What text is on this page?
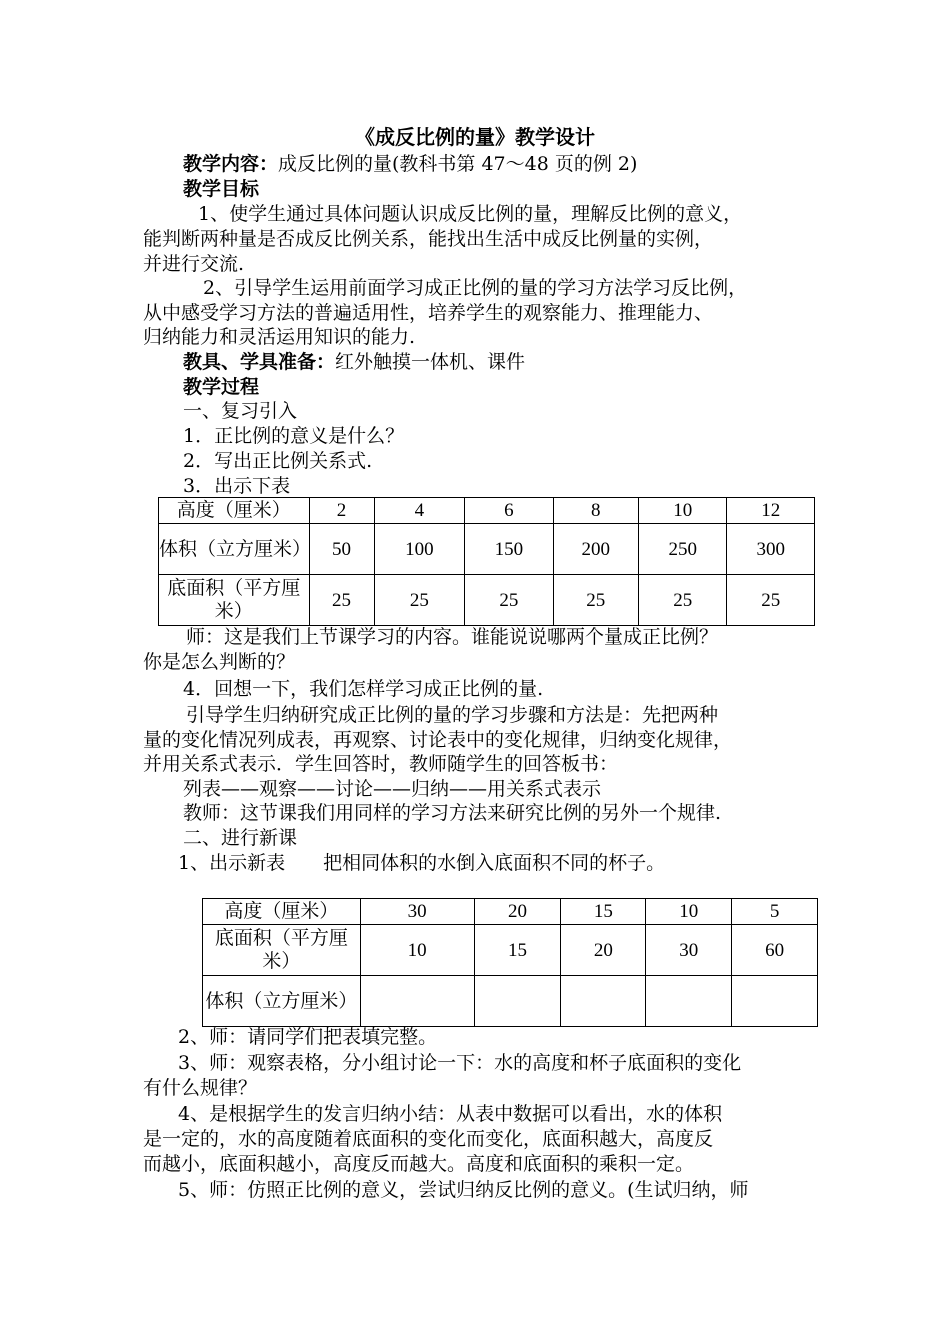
《成反比例的量》教学设计
教学内容：成反比例的量(教科书第 47～48 页的例 2)
教学目标
1、使学生通过具体问题认识成反比例的量，理解反比例的意义，
能判断两种量是否成反比例关系，能找出生活中成反比例量的实例，
并进行交流.
2、引导学生运用前面学习成正比例的量的学习方法学习反比例，
从中感受学习方法的普遍适用性，培养学生的观察能力、推理能力、
归纳能力和灵活运用知识的能力.
教具、学具准备：红外触摸一体机、课件
教学过程
一、复习引入
1．正比例的意义是什么？
2．写出正比例关系式.
3．出示下表
高度（厘米）	2	4	6	8	10	12
体积（立方厘米）	50	100	150	200	250	300
底面积（平方厘米）	25	25	25	25	25	25
师：这是我们上节课学习的内容。谁能说说哪两个量成正比例？
你是怎么判断的？
4．回想一下，我们怎样学习成正比例的量.
引导学生归纳研究成正比例的量的学习步骤和方法是：先把两种
量的变化情况列成表，再观察、讨论表中的变化规律，归纳变化规律，
并用关系式表示．学生回答时，教师随学生的回答板书：
列表——观察——讨论——归纳——用关系式表示
教师：这节课我们用同样的学习方法来研究比例的另外一个规律.
二、进行新课
1、出示新表　　把相同体积的水倒入底面积不同的杯子。
高度（厘米）	30	20	15	10	5
底面积（平方厘米）	10	15	20	30	60
体积（立方厘米）					
2、师：请同学们把表填完整。
3、师：观察表格，分小组讨论一下：水的高度和杯子底面积的变化
有什么规律？
4、是根据学生的发言归纳小结：从表中数据可以看出，水的体积
是一定的，水的高度随着底面积的变化而变化，底面积越大，高度反
而越小，底面积越小，高度反而越大。高度和底面积的乘积一定。
5、师：仿照正比例的意义，尝试归纳反比例的意义。(生试归纳，师
